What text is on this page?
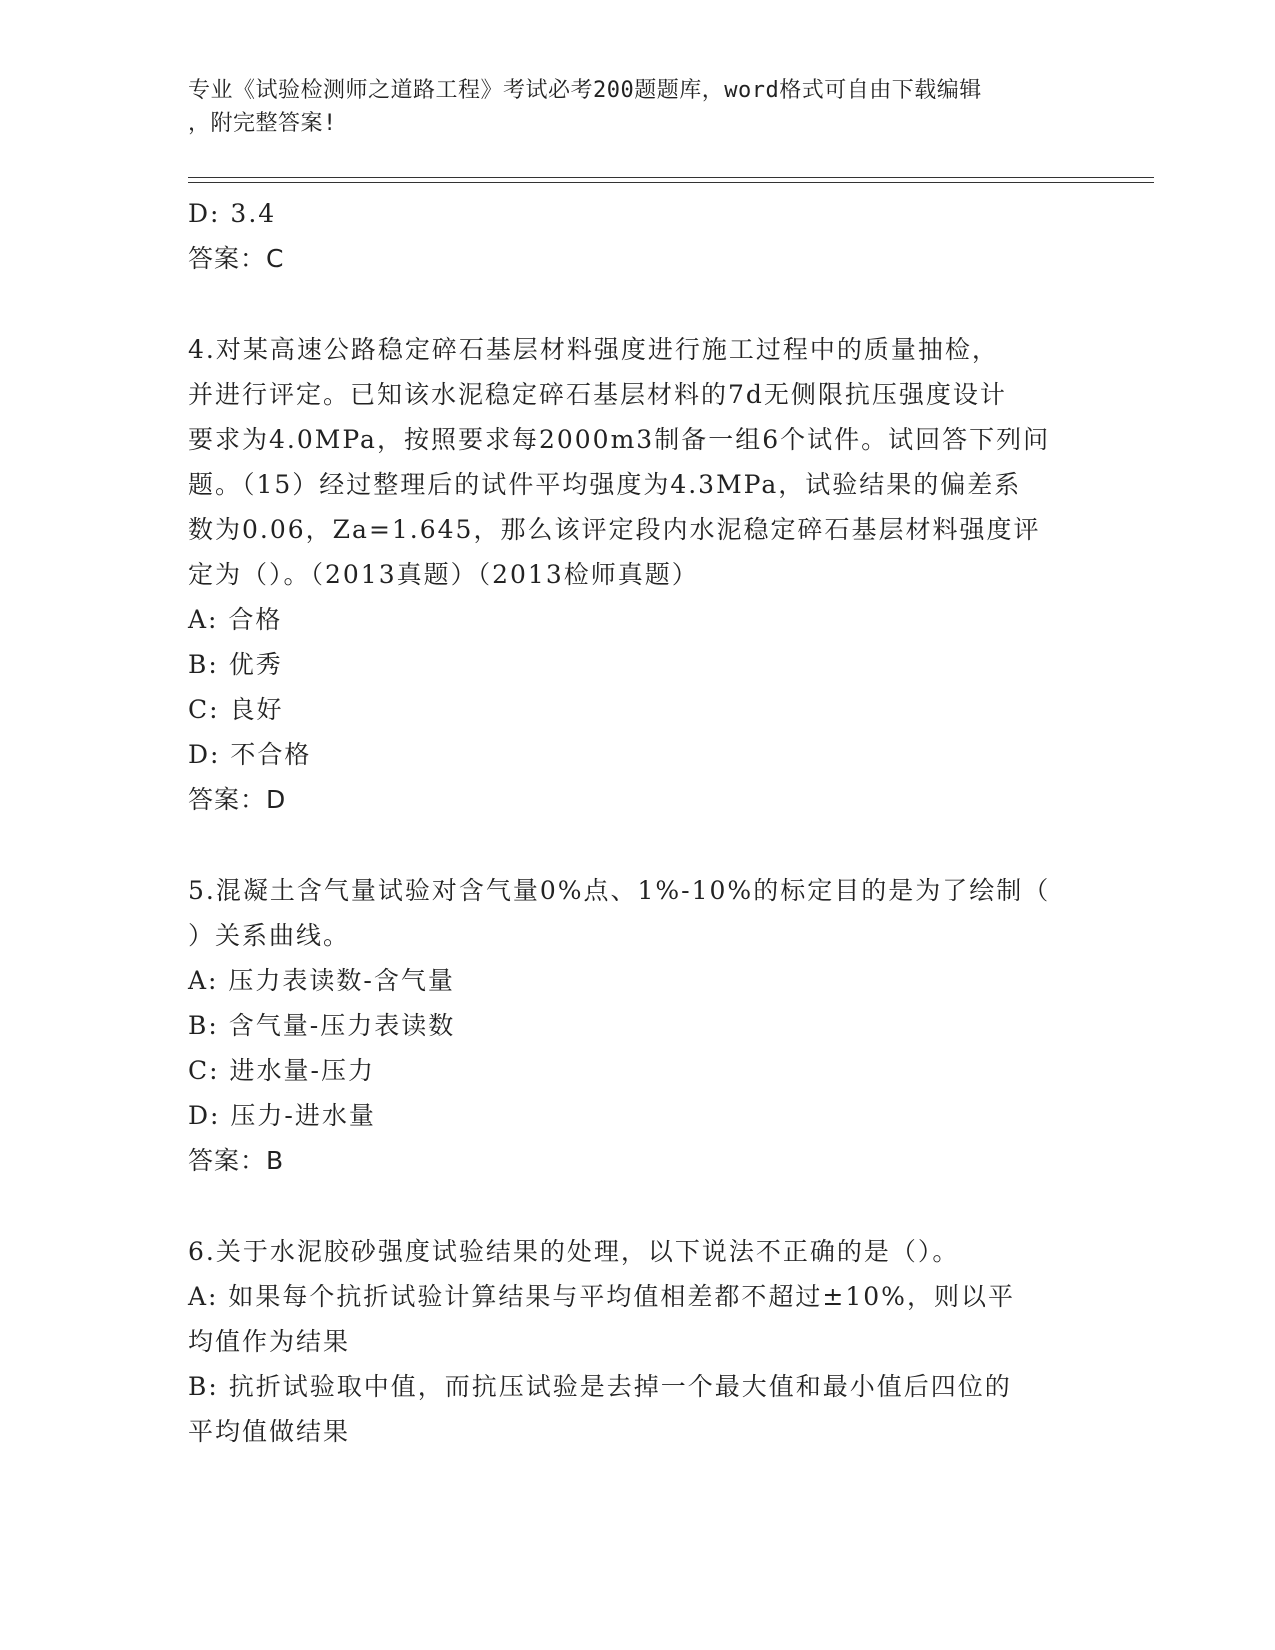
专业《试验检测师之道路工程》考试必考200题题库，word格式可自由下载编辑
，附完整答案!
D: 3.4
答案：C
4.对某高速公路稳定碎石基层材料强度进行施工过程中的质量抽检，
并进行评定。已知该水泥稳定碎石基层材料的7d无侧限抗压强度设计
要求为4.0MPa，按照要求每2000m3制备一组6个试件。试回答下列问
题。（15）经过整理后的试件平均强度为4.3MPa，试验结果的偏差系
数为0.06，Za=1.645，那么该评定段内水泥稳定碎石基层材料强度评
定为（）。（2013真题）（2013检师真题）
A: 合格
B: 优秀
C: 良好
D: 不合格
答案：D
5.混凝土含气量试验对含气量0%点、1%-10%的标定目的是为了绘制（
）关系曲线。
A: 压力表读数-含气量
B: 含气量-压力表读数
C: 进水量-压力
D: 压力-进水量
答案：B
6.关于水泥胶砂强度试验结果的处理，以下说法不正确的是（）。
A: 如果每个抗折试验计算结果与平均值相差都不超过±10%，则以平
均值作为结果
B: 抗折试验取中值，而抗压试验是去掉一个最大值和最小值后四位的
平均值做结果
